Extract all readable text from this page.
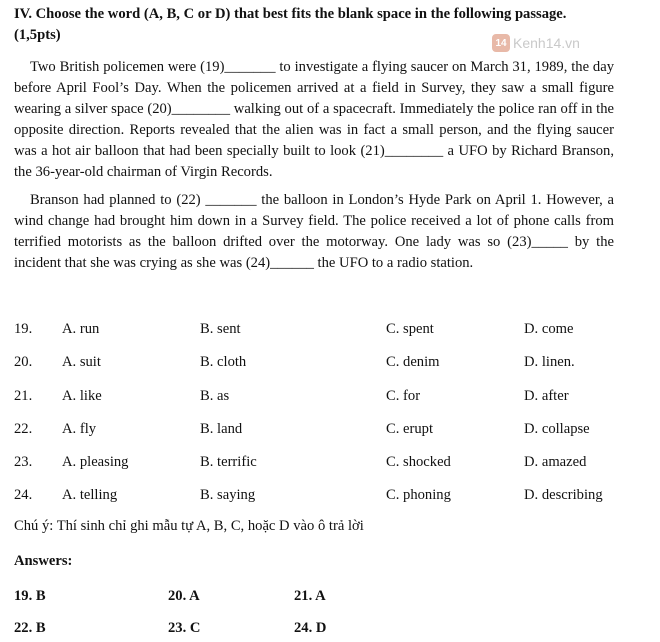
IV. Choose the word (A, B, C or D) that best fits the blank space in the following passage. (1,5pts)	14 Kenh14.vn

Two British policemen were (19)_______ to investigate a flying saucer on March 31, 1989, the day before April Fool’s Day. When the policemen arrived at a field in Survey, they saw a small figure wearing a silver space (20)________ walking out of a spacecraft. Immediately the police ran off in the opposite direction. Reports revealed that the alien was in fact a small person, and the flying saucer was a hot air balloon that had been specially built to look (21)________ a UFO by Richard Branson, the 36-year-old chairman of Virgin Records.

Branson had planned to (22) _______ the balloon in London’s Hyde Park on April 1. However, a wind change had brought him down in a Survey field. The police received a lot of phone calls from terrified motorists as the balloon drifted over the motorway. One lady was so (23)_____ by the incident that she was crying as she was (24)______ the UFO to a radio station.

19. A. run	B. sent	C. spent	D. come
20. A. suit	B. cloth	C. denim	D. linen.
21. A. like	B. as	C. for	D. after
22. A. fly	B. land	C. erupt	D. collapse
23. A. pleasing	B. terrific	C. shocked	D. amazed
24. A. telling	B. saying	C. phoning	D. describing
Chú ý: Thí sinh chỉ ghi mẫu tự A, B, C, hoặc D vào ô trả lời
Answers:
19. B	20. A	21. A
22. B	23. C	24. D
